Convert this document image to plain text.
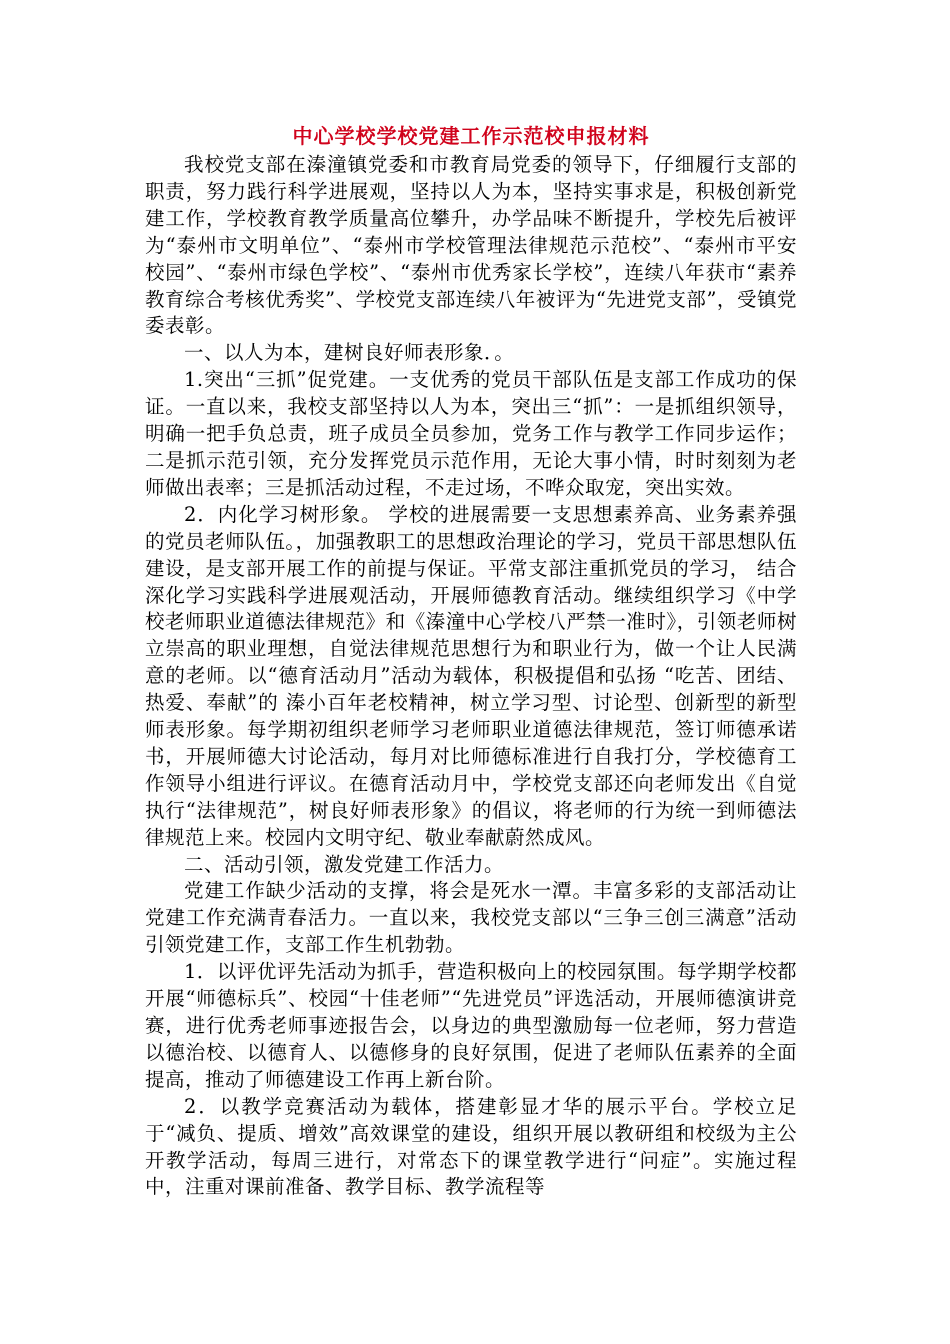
中心学校学校党建工作示范校申报材料

我校党支部在溱潼镇党委和市教育局党委的领导下，仔细履行支部的职责，努力践行科学进展观，坚持以人为本，坚持实事求是，积极创新党建工作，学校教育教学质量高位攀升，办学品味不断提升，学校先后被评为“泰州市文明单位”、“泰州市学校管理法律规范示范校”、“泰州市平安校园”、“泰州市绿色学校”、“泰州市优秀家长学校”，连续八年获市“素养教育综合考核优秀奖”、学校党支部连续八年被评为“先进党支部”，受镇党委表彰。

一、以人为本，建树良好师表形象．。

1.突出“三抓”促党建。一支优秀的党员干部队伍是支部工作成功的保证。一直以来，我校支部坚持以人为本，突出三“抓”：一是抓组织领导，明确一把手负总责，班子成员全员参加，党务工作与教学工作同步运作；二是抓示范引领，充分发挥党员示范作用，无论大事小情，时时刻刻为老师做出表率；三是抓活动过程，不走过场，不哗众取宠，突出实效。

2．内化学习树形象。 学校的进展需要一支思想素养高、业务素养强的党员老师队伍。，加强教职工的思想政治理论的学习，党员干部思想队伍建设，是支部开展工作的前提与保证。平常支部注重抓党员的学习， 结合深化学习实践科学进展观活动，开展师德教育活动。继续组织学习《中学校老师职业道德法律规范》和《溱潼中心学校八严禁一准时》，引领老师树立崇高的职业理想，自觉法律规范思想行为和职业行为，做一个让人民满意的老师。以“德育活动月”活动为载体，积极提倡和弘扬 “吃苦、团结、热爱、奉献”的 溱小百年老校精神，树立学习型、讨论型、创新型的新型师表形象。每学期初组织老师学习老师职业道德法律规范，签订师德承诺书，开展师德大讨论活动，每月对比师德标准进行自我打分，学校德育工作领导小组进行评议。在德育活动月中，学校党支部还向老师发出《自觉执行“法律规范”，树良好师表形象》的倡议，将老师的行为统一到师德法律规范上来。校园内文明守纪、敬业奉献蔚然成风。

二、活动引领，激发党建工作活力。

党建工作缺少活动的支撑，将会是死水一潭。丰富多彩的支部活动让党建工作充满青春活力。一直以来，我校党支部以“三争三创三满意”活动引领党建工作，支部工作生机勃勃。

1．以评优评先活动为抓手，营造积极向上的校园氛围。每学期学校都开展“师德标兵”、校园“十佳老师”“先进党员”评选活动，开展师德演讲竞赛，进行优秀老师事迹报告会，以身边的典型激励每一位老师，努力营造以德治校、以德育人、以德修身的良好氛围，促进了老师队伍素养的全面提高，推动了师德建设工作再上新台阶。

2．以教学竞赛活动为载体，搭建彰显才华的展示平台。学校立足于“减负、提质、增效”高效课堂的建设，组织开展以教研组和校级为主公开教学活动，每周三进行，对常态下的课堂教学进行“问症”。实施过程中，注重对课前准备、教学目标、教学流程等
